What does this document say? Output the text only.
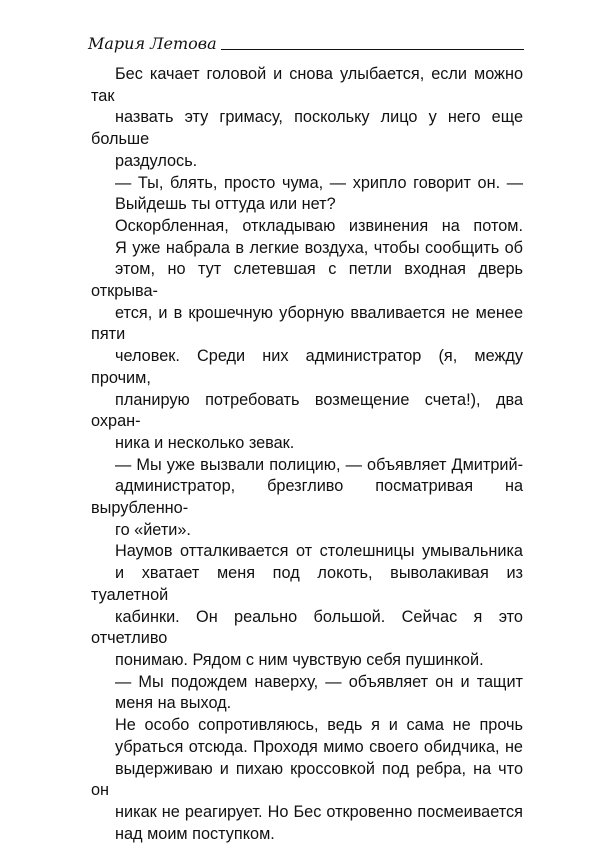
Мария Летова

Бес качает головой и снова улыбается, если можно так
назвать эту гримасу, поскольку лицо у него еще больше
раздулось.

— Ты, блять, просто чума, — хрипло говорит он. —
Выйдешь ты оттуда или нет?

Оскорбленная, откладываю извинения на потом.
Я уже набрала в легкие воздуха, чтобы сообщить об
этом, но тут слетевшая с петли входная дверь открыва-
ется, и в крошечную уборную вваливается не менее пяти
человек. Среди них администратор (я, между прочим,
планирую потребовать возмещение счета!), два охран-
ника и несколько зевак.

— Мы уже вызвали полицию, — объявляет Дмитрий-
администратор, брезгливо посматривая на вырубленно-
го «йети».

Наумов отталкивается от столешницы умывальника
и хватает меня под локоть, выволакивая из туалетной
кабинки. Он реально большой. Сейчас я это отчетливо
понимаю. Рядом с ним чувствую себя пушинкой.

— Мы подождем наверху, — объявляет он и тащит
меня на выход.

Не особо сопротивляюсь, ведь я и сама не прочь
убраться отсюда. Проходя мимо своего обидчика, не
выдерживаю и пихаю кроссовкой под ребра, на что он
никак не реагирует. Но Бес откровенно посмеивается
над моим поступком.
